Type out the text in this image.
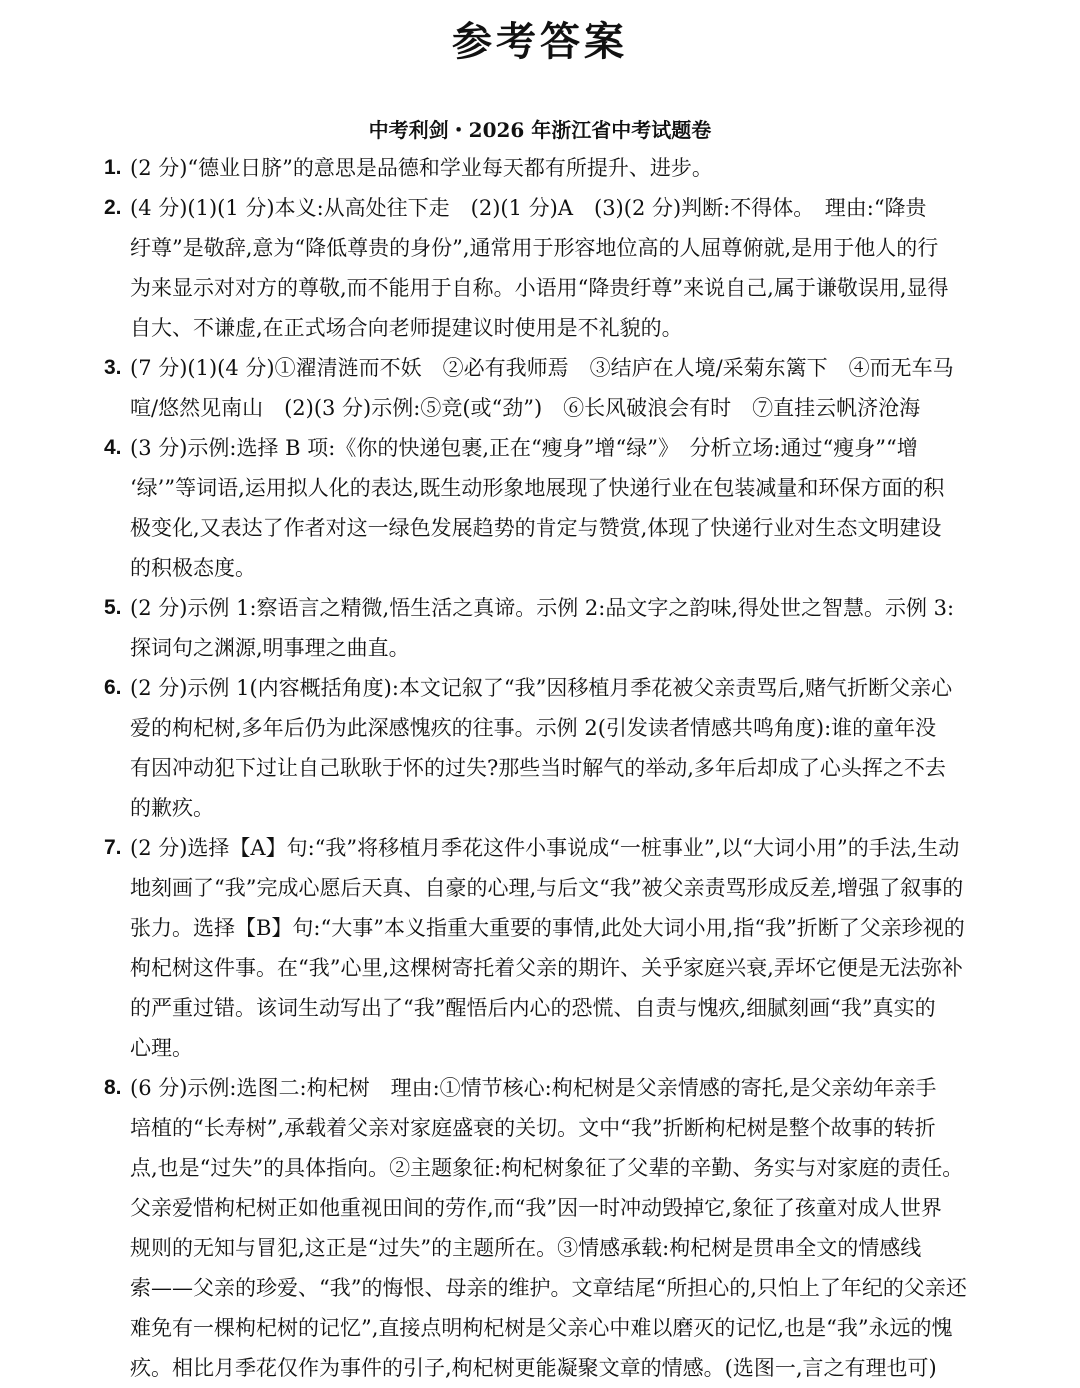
参考答案
中考利剑・2026 年浙江省中考试题卷
1. (2 分)“德业日脐”的意思是品德和学业每天都有所提升、进步。
2. (4 分)(1)(1 分)本义:从高处往下走　(2)(1 分)A　(3)(2 分)判断:不得体。　理由:“降贵
纡尊”是敬辞,意为“降低尊贵的身份”,通常用于形容地位高的人屈尊俯就,是用于他人的行
为来显示对对方的尊敬,而不能用于自称。小语用“降贵纡尊”来说自己,属于谦敬误用,显得
自大、不谦虚,在正式场合向老师提建议时使用是不礼貌的。
3. (7 分)(1)(4 分)①濯清涟而不妖　②必有我师焉　③结庐在人境/采菊东篱下　④而无车马
喧/悠然见南山　(2)(3 分)示例:⑤竞(或“劲”)　⑥长风破浪会有时　⑦直挂云帆济沧海
4. (3 分)示例:选择 B 项:《你的快递包裹,正在“瘦身”增“绿”》　分析立场:通过“瘦身”“增
‘绿’”等词语,运用拟人化的表达,既生动形象地展现了快递行业在包装减量和环保方面的积
极变化,又表达了作者对这一绿色发展趋势的肯定与赞赏,体现了快递行业对生态文明建设
的积极态度。
5. (2 分)示例 1:察语言之精微,悟生活之真谛。示例 2:品文字之韵味,得处世之智慧。示例 3:
探词句之渊源,明事理之曲直。
6. (2 分)示例 1(内容概括角度):本文记叙了“我”因移植月季花被父亲责骂后,赌气折断父亲心
爱的枸杞树,多年后仍为此深感愧疚的往事。示例 2(引发读者情感共鸣角度):谁的童年没
有因冲动犯下过让自己耿耿于怀的过失?那些当时解气的举动,多年后却成了心头挥之不去
的歉疚。
7. (2 分)选择【A】句:“我”将移植月季花这件小事说成“一桩事业”,以“大词小用”的手法,生动
地刻画了“我”完成心愿后天真、自豪的心理,与后文“我”被父亲责骂形成反差,增强了叙事的
张力。选择【B】句:“大事”本义指重大重要的事情,此处大词小用,指“我”折断了父亲珍视的
枸杞树这件事。在“我”心里,这棵树寄托着父亲的期许、关乎家庭兴衰,弄坏它便是无法弥补
的严重过错。该词生动写出了“我”醒悟后内心的恐慌、自责与愧疚,细腻刻画“我”真实的
心理。
8. (6 分)示例:选图二:枸杞树　理由:①情节核心:枸杞树是父亲情感的寄托,是父亲幼年亲手
培植的“长寿树”,承载着父亲对家庭盛衰的关切。文中“我”折断枸杞树是整个故事的转折
点,也是“过失”的具体指向。②主题象征:枸杞树象征了父辈的辛勤、务实与对家庭的责任。
父亲爱惜枸杞树正如他重视田间的劳作,而“我”因一时冲动毁掉它,象征了孩童对成人世界
规则的无知与冒犯,这正是“过失”的主题所在。③情感承载:枸杞树是贯串全文的情感线
索——父亲的珍爱、“我”的悔恨、母亲的维护。文章结尾“所担心的,只怕上了年纪的父亲还
难免有一棵枸杞树的记忆”,直接点明枸杞树是父亲心中难以磨灭的记忆,也是“我”永远的愧
疚。相比月季花仅作为事件的引子,枸杞树更能凝聚文章的情感。(选图一,言之有理也可)
